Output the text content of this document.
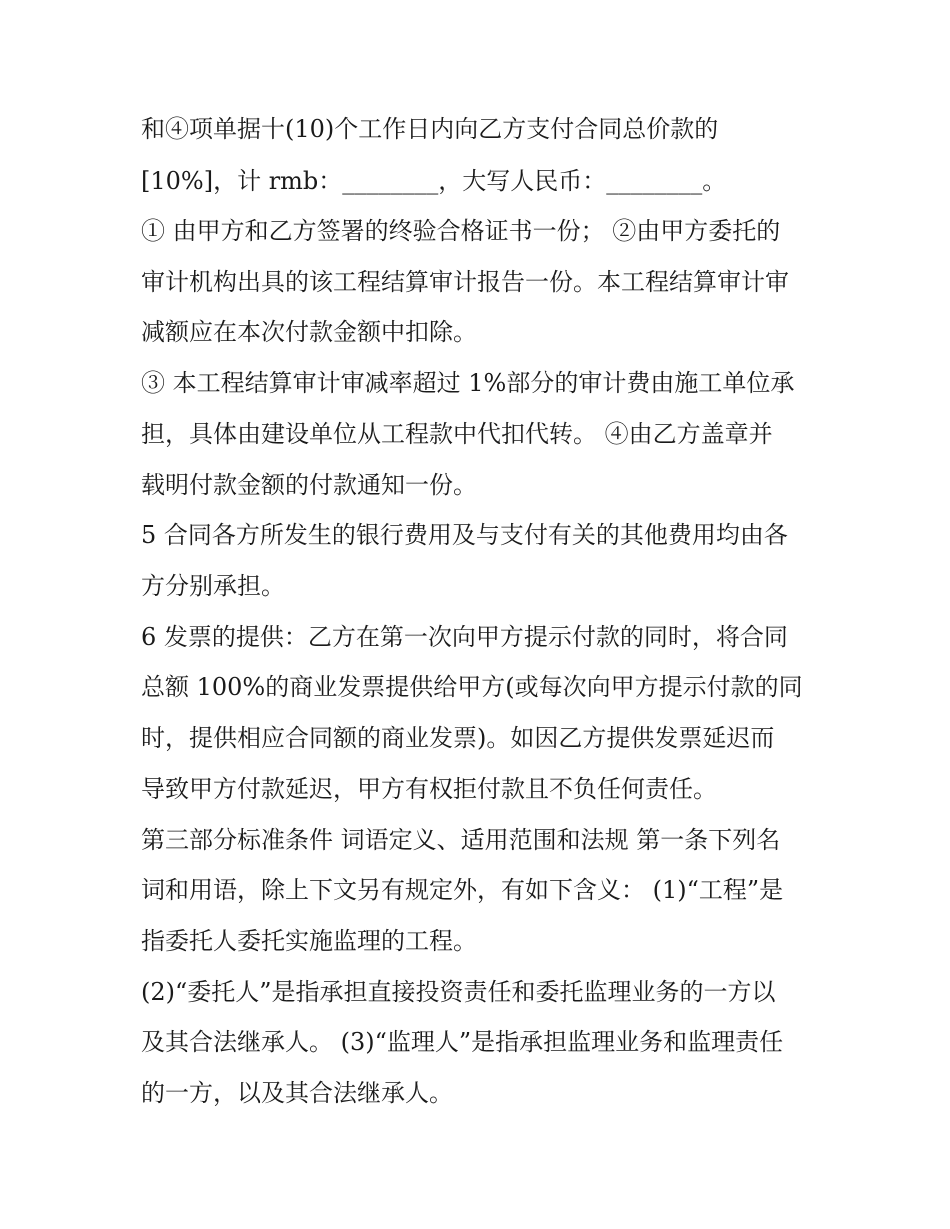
和④项单据十(10)个工作日内向乙方支付合同总价款的
[10%]，计 rmb：________，大写人民币：________。
① 由甲方和乙方签署的终验合格证书一份； ②由甲方委托的
审计机构出具的该工程结算审计报告一份。本工程结算审计审
减额应在本次付款金额中扣除。
③ 本工程结算审计审减率超过 1%部分的审计费由施工单位承
担，具体由建设单位从工程款中代扣代转。 ④由乙方盖章并
载明付款金额的付款通知一份。
5 合同各方所发生的银行费用及与支付有关的其他费用均由各
方分别承担。
6 发票的提供：乙方在第一次向甲方提示付款的同时，将合同
总额 100%的商业发票提供给甲方(或每次向甲方提示付款的同
时，提供相应合同额的商业发票)。如因乙方提供发票延迟而
导致甲方付款延迟，甲方有权拒付款且不负任何责任。
第三部分标准条件 词语定义、适用范围和法规 第一条下列名
词和用语，除上下文另有规定外，有如下含义： (1)“工程”是
指委托人委托实施监理的工程。
(2)“委托人”是指承担直接投资责任和委托监理业务的一方以
及其合法继承人。 (3)“监理人”是指承担监理业务和监理责任
的一方，以及其合法继承人。
